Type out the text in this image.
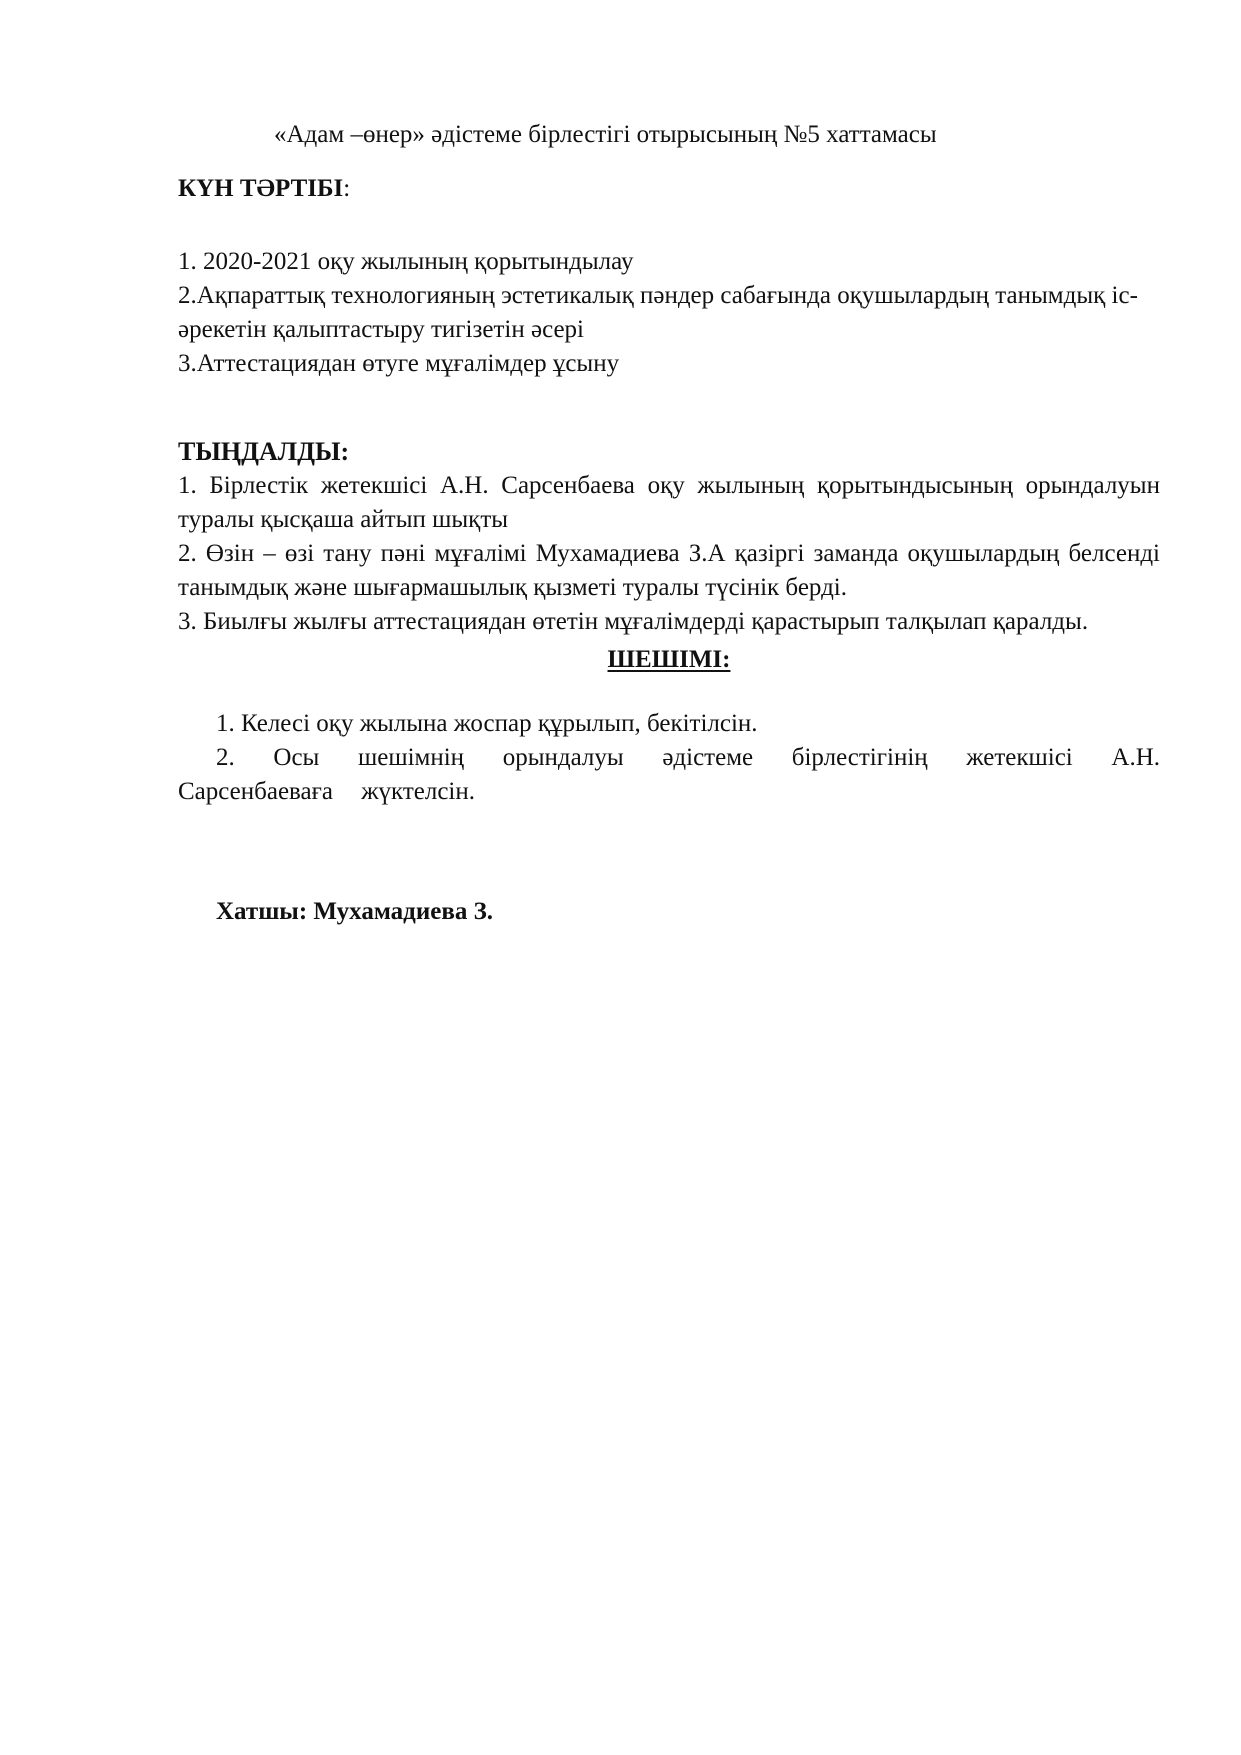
«Адам –өнер» әдістеме бірлестігі отырысының №5 хаттамасы

КҮН ТӘРТІБІ:

1. 2020-2021 оқу жылының қорытындылау

2.Ақпараттық технологияның эстетикалық пәндер сабағында оқушылардың танымдық іс-әрекетін қалыптастыру тигізетін әсері

3.Аттестациядан өтуге мұғалімдер ұсыну

ТЫҢДАЛДЫ:

1. Бірлестік жетекшісі А.Н. Сарсенбаева оқу жылының қорытындысының орындалуын туралы қысқаша айтып шықты

2. Өзін – өзі тану пәні мұғалімі Мухамадиева З.А қазіргі заманда оқушылардың белсенді танымдық және шығармашылық қызметі туралы түсінік берді.

3. Биылғы жылғы аттестациядан өтетін мұғалімдерді қарастырып талқылап қаралды.

ШЕШІМІ:

1. Келесі оқу жылына жоспар құрылып, бекітілсін.

2. Осы шешімнің орындалуы әдістеме бірлестігінің жетекшісі А.Н. Сарсенбаеваға жүктелсін.

Хатшы: Мухамадиева З.
